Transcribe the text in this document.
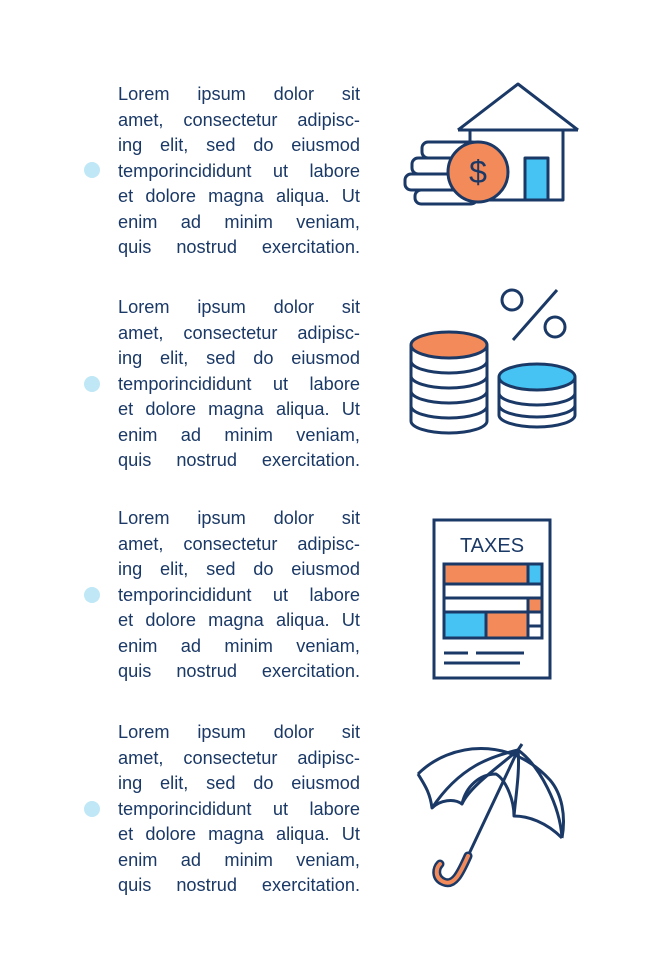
Lorem ipsum dolor sit
amet, consectetur adipisc-
ing elit, sed do eiusmod
temporincididunt ut labore
et dolore magna aliqua. Ut
enim ad minim veniam,
quis nostrud exercitation.
$
Lorem ipsum dolor sit
amet, consectetur adipisc-
ing elit, sed do eiusmod
temporincididunt ut labore
et dolore magna aliqua. Ut
enim ad minim veniam,
quis nostrud exercitation.
Lorem ipsum dolor sit
amet, consectetur adipisc-
ing elit, sed do eiusmod
temporincididunt ut labore
et dolore magna aliqua. Ut
enim ad minim veniam,
quis nostrud exercitation.
TAXES
Lorem ipsum dolor sit
amet, consectetur adipisc-
ing elit, sed do eiusmod
temporincididunt ut labore
et dolore magna aliqua. Ut
enim ad minim veniam,
quis nostrud exercitation.
